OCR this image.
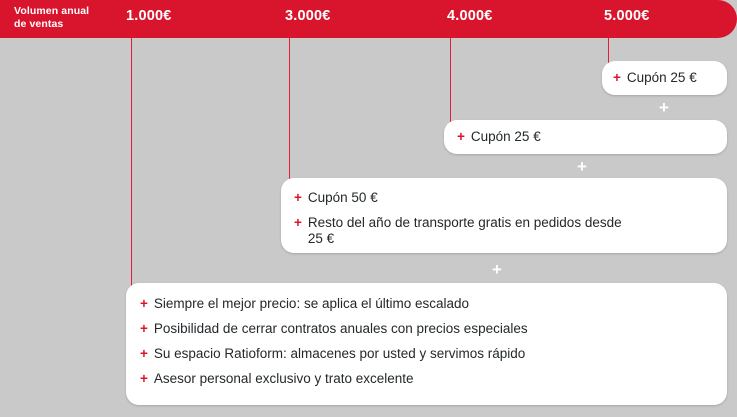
Volumen anual
de ventas	1.000€	3.000€	4.000€	5.000€
+ Cupón 25 €
+
+ Cupón 25 €
+
+ Cupón 50 €
+ Resto del año de transporte gratis en pedidos desde 25 €
+
+ Siempre el mejor precio: se aplica el último escalado
+ Posibilidad de cerrar contratos anuales con precios especiales
+ Su espacio Ratioform: almacenes por usted y servimos rápido
+ Asesor personal exclusivo y trato excelente
